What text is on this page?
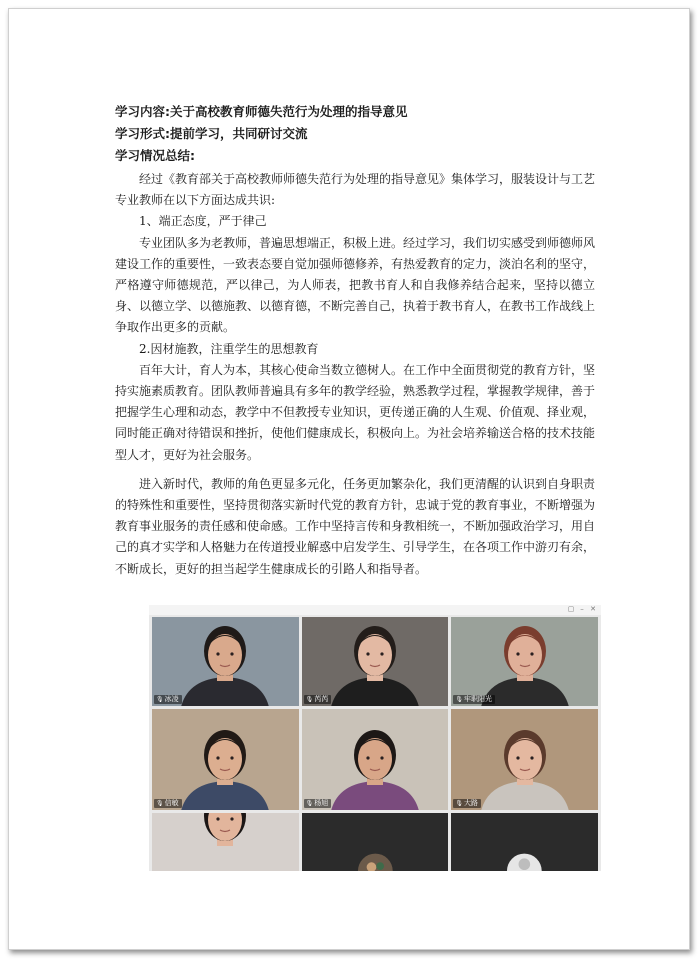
学习内容:关于高校教育师德失范行为处理的指导意见
学习形式:提前学习，共同研讨交流
学习情况总结:

经过《教育部关于高校教师师德失范行为处理的指导意见》集体学习，服装设计与工艺专业教师在以下方面达成共识:

1、端正态度，严于律己

专业团队多为老教师，普遍思想端正，积极上进。经过学习，我们切实感受到师德师风建设工作的重要性，一致表态要自觉加强师德修养，有热爱教育的定力，淡泊名利的坚守，严格遵守师德规范，严以律己，为人师表，把教书育人和自我修养结合起来，坚持以德立身、以德立学、以德施教、以德育德，不断完善自己，执着于教书育人，在教书工作战线上争取作出更多的贡献。

2.因材施教，注重学生的思想教育

百年大计，育人为本，其核心使命当数立德树人。在工作中全面贯彻党的教育方针，坚持实施素质教育。团队教师普遍具有多年的教学经验，熟悉教学过程，掌握教学规律，善于把握学生心理和动态，教学中不但教授专业知识，更传递正确的人生观、价值观、择业观，同时能正确对待错误和挫折，使他们健康成长，积极向上。为社会培养输送合格的技术技能型人才，更好为社会服务。

进入新时代，教师的角色更显多元化，任务更加繁杂化，我们更清醒的认识到自身职责的特殊性和重要性，坚持贯彻落实新时代党的教育方针，忠诚于党的教育事业，不断增强为教育事业服务的责任感和使命感。工作中坚持言传和身教相统一，不断加强政治学习，用自己的真才实学和人格魅力在传道授业解惑中启发学生、引导学生，在各项工作中游刃有余，不断成长，更好的担当起学生健康成长的引路人和指导者。

▢ – ✕
🎙冰凌	🎙芮芮	🎙牢职阳光
🎙信敏	🎙杨旭	🎙大路
